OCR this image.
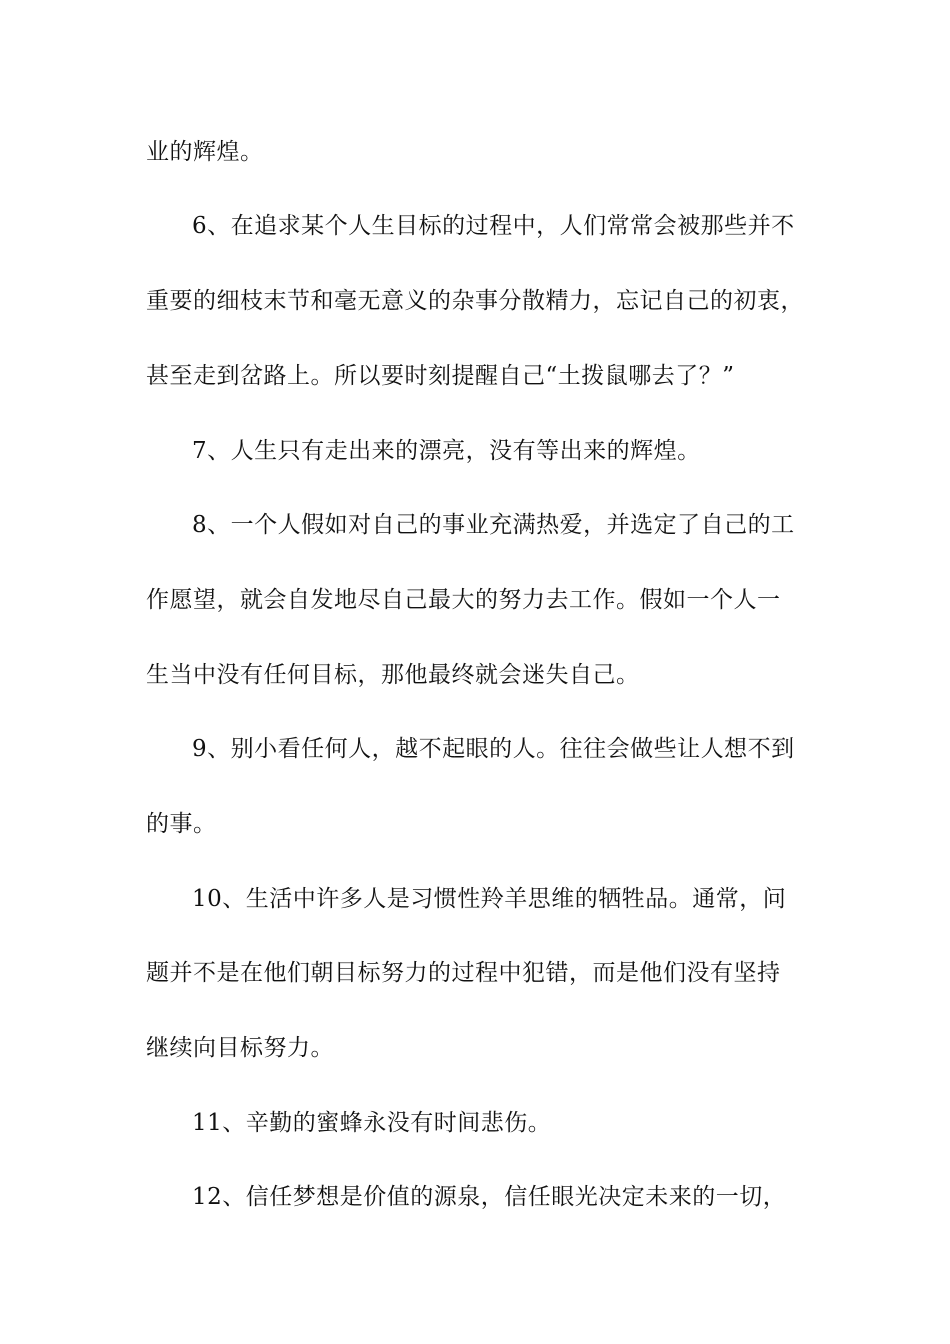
业的辉煌。
6、在追求某个人生目标的过程中，人们常常会被那些并不
重要的细枝末节和毫无意义的杂事分散精力，忘记自己的初衷，
甚至走到岔路上。所以要时刻提醒自己“土拨鼠哪去了？”
7、人生只有走出来的漂亮，没有等出来的辉煌。
8、一个人假如对自己的事业充满热爱，并选定了自己的工
作愿望，就会自发地尽自己最大的努力去工作。假如一个人一
生当中没有任何目标，那他最终就会迷失自己。
9、别小看任何人，越不起眼的人。往往会做些让人想不到
的事。
10、生活中许多人是习惯性羚羊思维的牺牲品。通常，问
题并不是在他们朝目标努力的过程中犯错，而是他们没有坚持
继续向目标努力。
11、辛勤的蜜蜂永没有时间悲伤。
12、信任梦想是价值的源泉，信任眼光决定未来的一切，
